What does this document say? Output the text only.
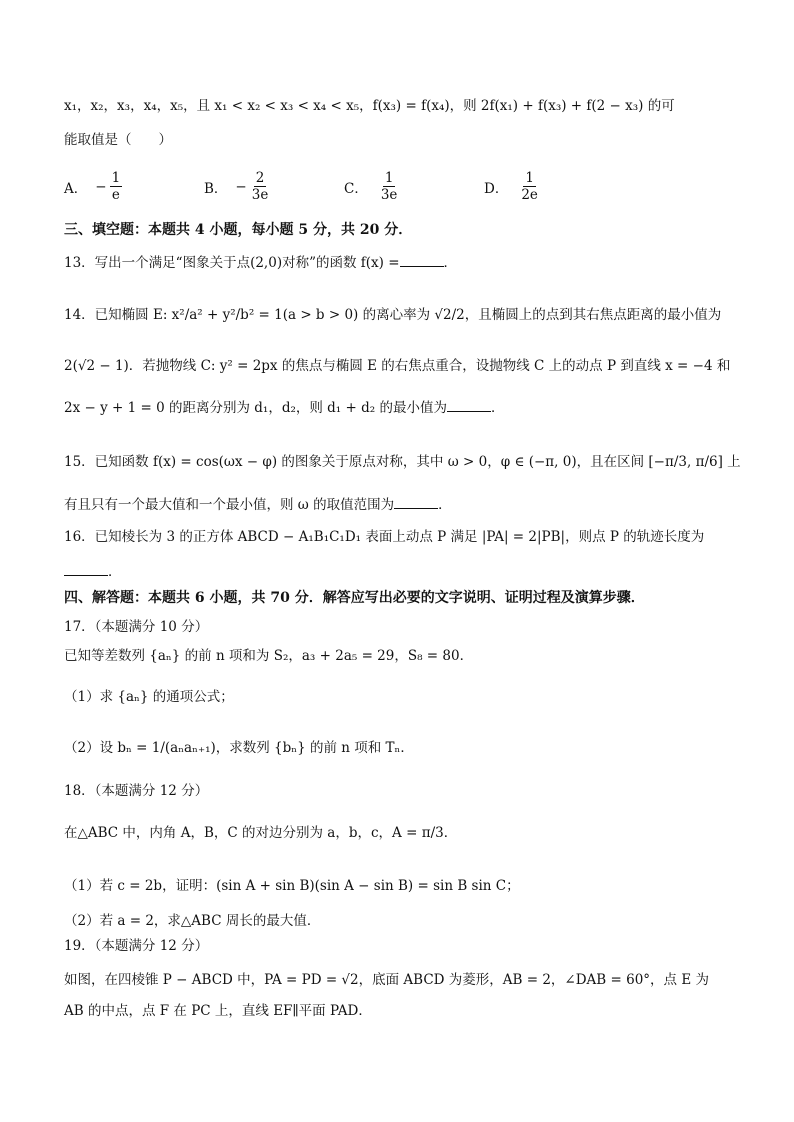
x₁，x₂，x₃，x₄，x₅，且 x₁ < x₂ < x₃ < x₄ < x₅，f(x₃) = f(x₄)，则 2f(x₁) + f(x₃) + f(2 − x₃) 的可
能取值是（　　）
A． − $\frac{1}{e}$	B． − $\frac{2}{3e}$	C． $\frac{1}{3e}$	D． $\frac{1}{2e}$
三、填空题：本题共 4 小题，每小题 5 分，共 20 分．
13．写出一个满足“图象关于点(2,0)对称”的函数 f(x) =	．
14．已知椭圆 E: x²/a² + y²/b² = 1(a > b > 0) 的离心率为 √2/2，且椭圆上的点到其右焦点距离的最小值为
2(√2 − 1)．若抛物线 C: y² = 2px 的焦点与椭圆 E 的右焦点重合，设抛物线 C 上的动点 P 到直线 x = −4 和
2x − y + 1 = 0 的距离分别为 d₁，d₂，则 d₁ + d₂ 的最小值为	．
15．已知函数 f(x) = cos(ωx − φ) 的图象关于原点对称，其中 ω > 0，φ ∈ (−π, 0)，且在区间 [−π/3, π/6] 上
有且只有一个最大值和一个最小值，则 ω 的取值范围为	．
16．已知棱长为 3 的正方体 ABCD − A₁B₁C₁D₁ 表面上动点 P 满足 |PA| = 2|PB|，则点 P 的轨迹长度为
．
四、解答题：本题共 6 小题，共 70 分．解答应写出必要的文字说明、证明过程及演算步骤．
17．（本题满分 10 分）
已知等差数列 {aₙ} 的前 n 项和为 S₂，a₃ + 2a₅ = 29，S₈ = 80．
（1）求 {aₙ} 的通项公式；
（2）设 bₙ = 1/(aₙaₙ₊₁)，求数列 {bₙ} 的前 n 项和 Tₙ．
18．（本题满分 12 分）
在△ABC 中，内角 A，B，C 的对边分别为 a，b，c，A = π/3．
（1）若 c = 2b，证明：(sin A + sin B)(sin A − sin B) = sin B sin C；
（2）若 a = 2，求△ABC 周长的最大值．
19．（本题满分 12 分）
如图，在四棱锥 P − ABCD 中，PA = PD = √2，底面 ABCD 为菱形，AB = 2，∠DAB = 60°，点 E 为
AB 的中点，点 F 在 PC 上，直线 EF∥平面 PAD．
